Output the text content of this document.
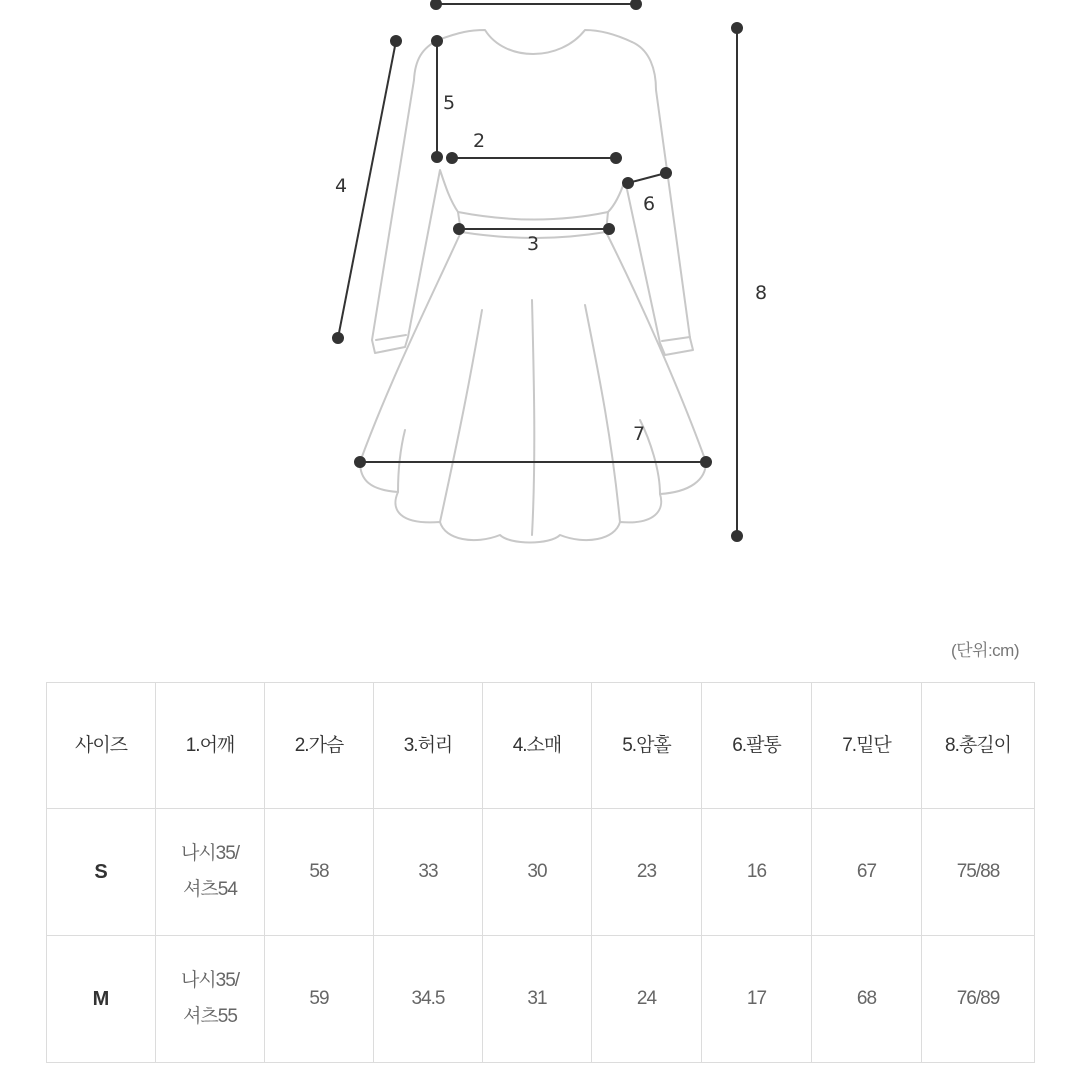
2
3
4
5
6
7
8
(단위:cm)
사이즈	1.어깨	2.가슴	3.허리	4.소매	5.암홀	6.팔통	7.밑단	8.총길이
S	나시35/
셔츠54	58	33	30	23	16	67	75/88
M	나시35/
셔츠55	59	34.5	31	24	17	68	76/89
